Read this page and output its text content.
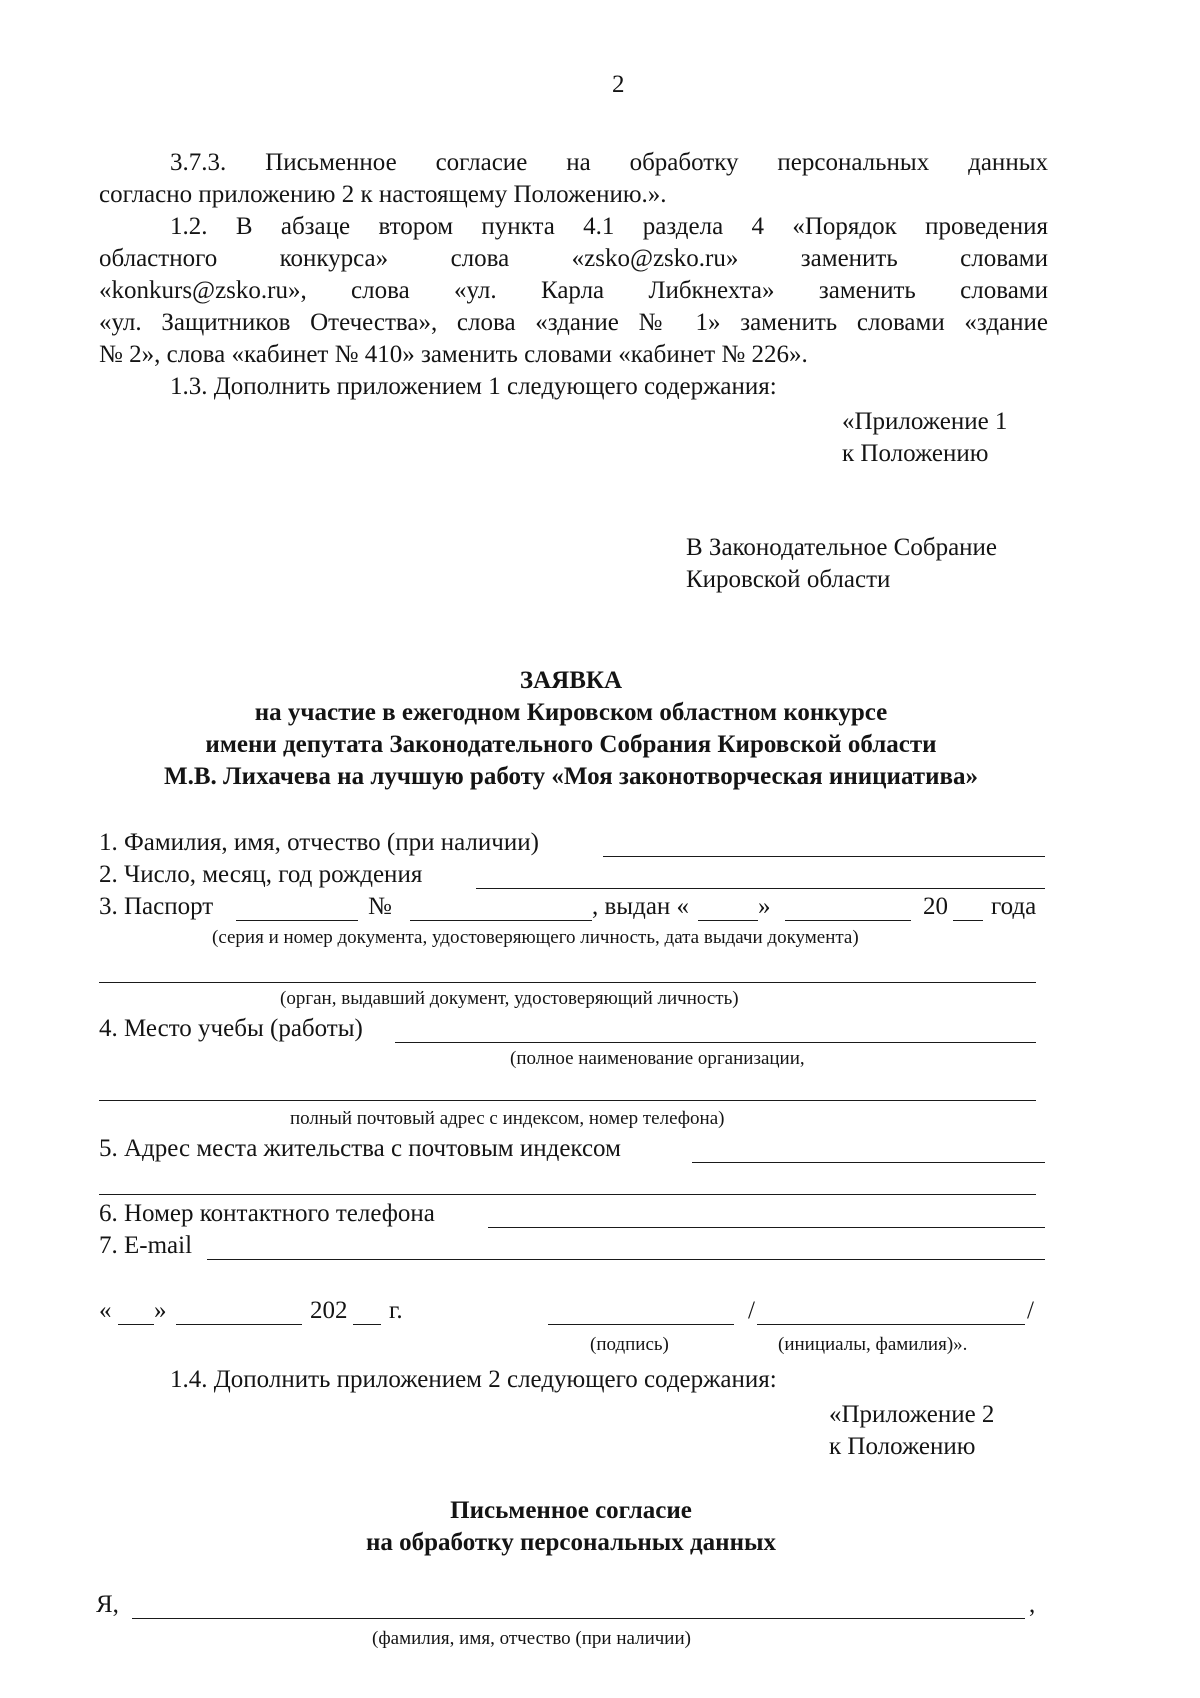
2
3.7.3. Письменное согласие на обработку персональных данных
согласно приложению 2 к настоящему Положению.».
1.2. В абзаце втором пункта 4.1 раздела 4 «Порядок проведения
областного конкурса» слова «zsko@zsko.ru» заменить словами
«konkurs@zsko.ru», слова «ул. Карла Либкнехта» заменить словами
«ул. Защитников Отечества», слова «здание № 1» заменить словами «здание
№ 2», слова «кабинет № 410» заменить словами «кабинет № 226».
1.3. Дополнить приложением 1 следующего содержания:
«Приложение 1
к Положению
В Законодательное Собрание
Кировской области
ЗАЯВКА
на участие в ежегодном Кировском областном конкурсе
имени депутата Законодательного Собрания Кировской области
М.В. Лихачева на лучшую работу «Моя законотворческая инициатива»
1. Фамилия, имя, отчество (при наличии)
2. Число, месяц, год рождения
3. Паспорт	№	, выдан «	»	20 года
(серия и номер документа, удостоверяющего личность, дата выдачи документа)
(орган, выдавший документ, удостоверяющий личность)
4. Место учебы (работы)
(полное наименование организации,
полный почтовый адрес с индексом, номер телефона)
5. Адрес места жительства с почтовым индексом
6. Номер контактного телефона
7. E-mail
« »	202 г.	/	/
(подпись)	(инициалы, фамилия)».
1.4. Дополнить приложением 2 следующего содержания:
«Приложение 2
к Положению
Письменное согласие
на обработку персональных данных
Я,	,
(фамилия, имя, отчество (при наличии)
